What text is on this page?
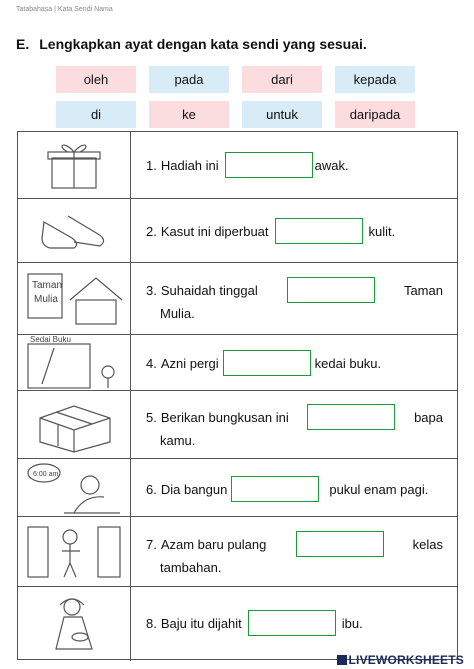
Tatabahasa | Kata Sendi Nama
E. Lengkapkan ayat dengan kata sendi yang sesuai.
oleh	pada	dari	kepada
di	ke	untuk	daripada
1. Hadiah ini	awak.
2. Kasut ini diperbuat	kulit.
Taman
Mulia
3. Suhaidah tinggal	Taman
Mulia.
Sedai Buku
4. Azni pergi	kedai buku.
5. Berikan bungkusan ini	bapa
kamu.
6:00 am
6. Dia bangun	pukul enam pagi.
7. Azam baru pulang	kelas
tambahan.
8. Baju itu dijahit	ibu.
LIVEWORKSHEETS
